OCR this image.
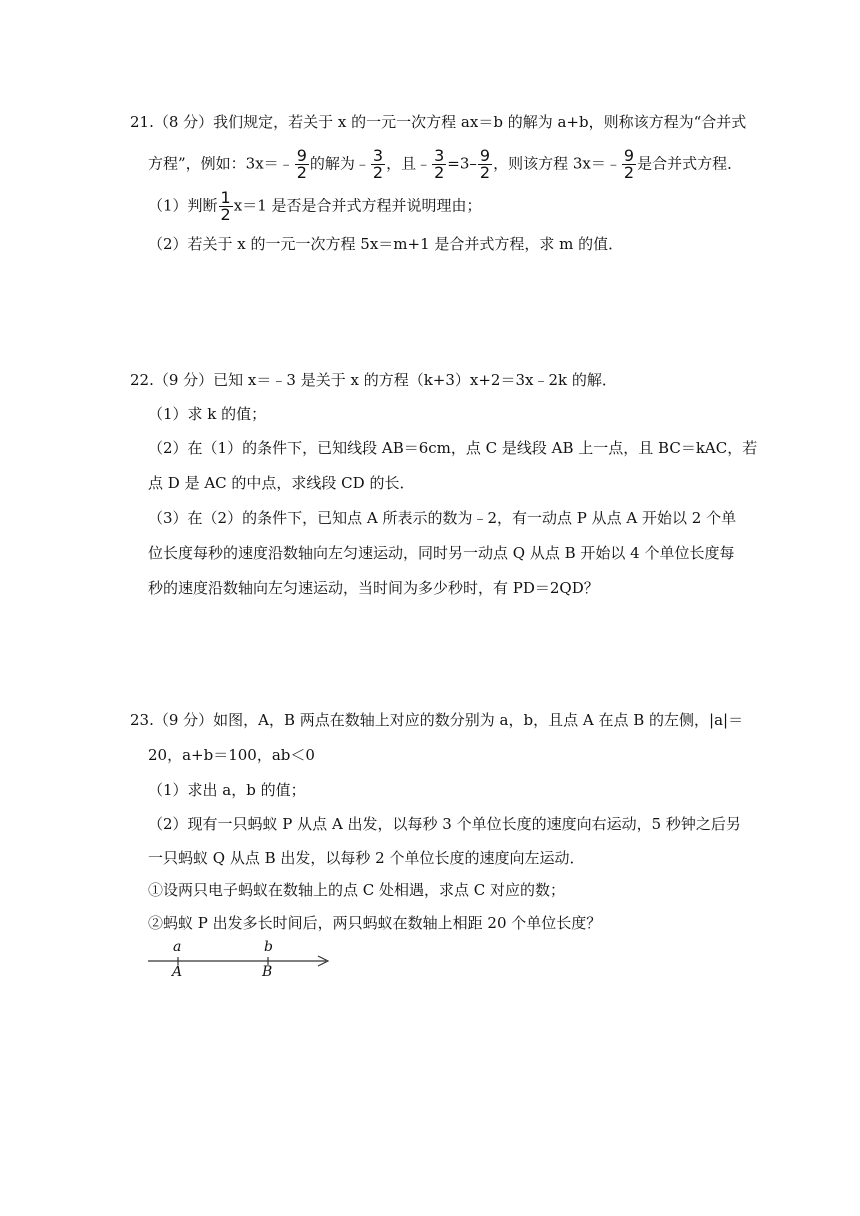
21.（8 分）我们规定，若关于 x 的一元一次方程 ax＝b 的解为 a+b，则称该方程为“合并式
方程”，例如：3x＝﹣ $\frac{9}{2}$ 的解为﹣ $\frac{3}{2}$ ，且﹣ $\frac{3}{2} =3- \frac{9}{2}$ ，则该方程 3x＝﹣ $\frac{9}{2}$ 是合并式方程．
（1）判断 $\frac{1}{2} x=1$ 是否是合并式方程并说明理由；
（2）若关于 x 的一元一次方程 5x＝m+1 是合并式方程，求 m 的值．
22.（9 分）已知 x＝﹣3 是关于 x 的方程（k+3）x+2＝3x﹣2k 的解．
（1）求 k 的值；
（2）在（1）的条件下，已知线段 AB＝6cm，点 C 是线段 AB 上一点，且 BC＝kAC，若
点 D 是 AC 的中点，求线段 CD 的长．
（3）在（2）的条件下，已知点 A 所表示的数为﹣2，有一动点 P 从点 A 开始以 2 个单
位长度每秒的速度沿数轴向左匀速运动，同时另一动点 Q 从点 B 开始以 4 个单位长度每
秒的速度沿数轴向左匀速运动，当时间为多少秒时，有 PD＝2QD？
23.（9 分）如图，A，B 两点在数轴上对应的数分别为 a，b，且点 A 在点 B 的左侧，|a|＝
20，a+b＝100，ab＜0
（1）求出 a，b 的值；
（2）现有一只蚂蚁 P 从点 A 出发，以每秒 3 个单位长度的速度向右运动，5 秒钟之后另
一只蚂蚁 Q 从点 B 出发，以每秒 2 个单位长度的速度向左运动．
①设两只电子蚂蚁在数轴上的点 C 处相遇，求点 C 对应的数；
②蚂蚁 P 出发多长时间后，两只蚂蚁在数轴上相距 20 个单位长度？
a	b
A	B
